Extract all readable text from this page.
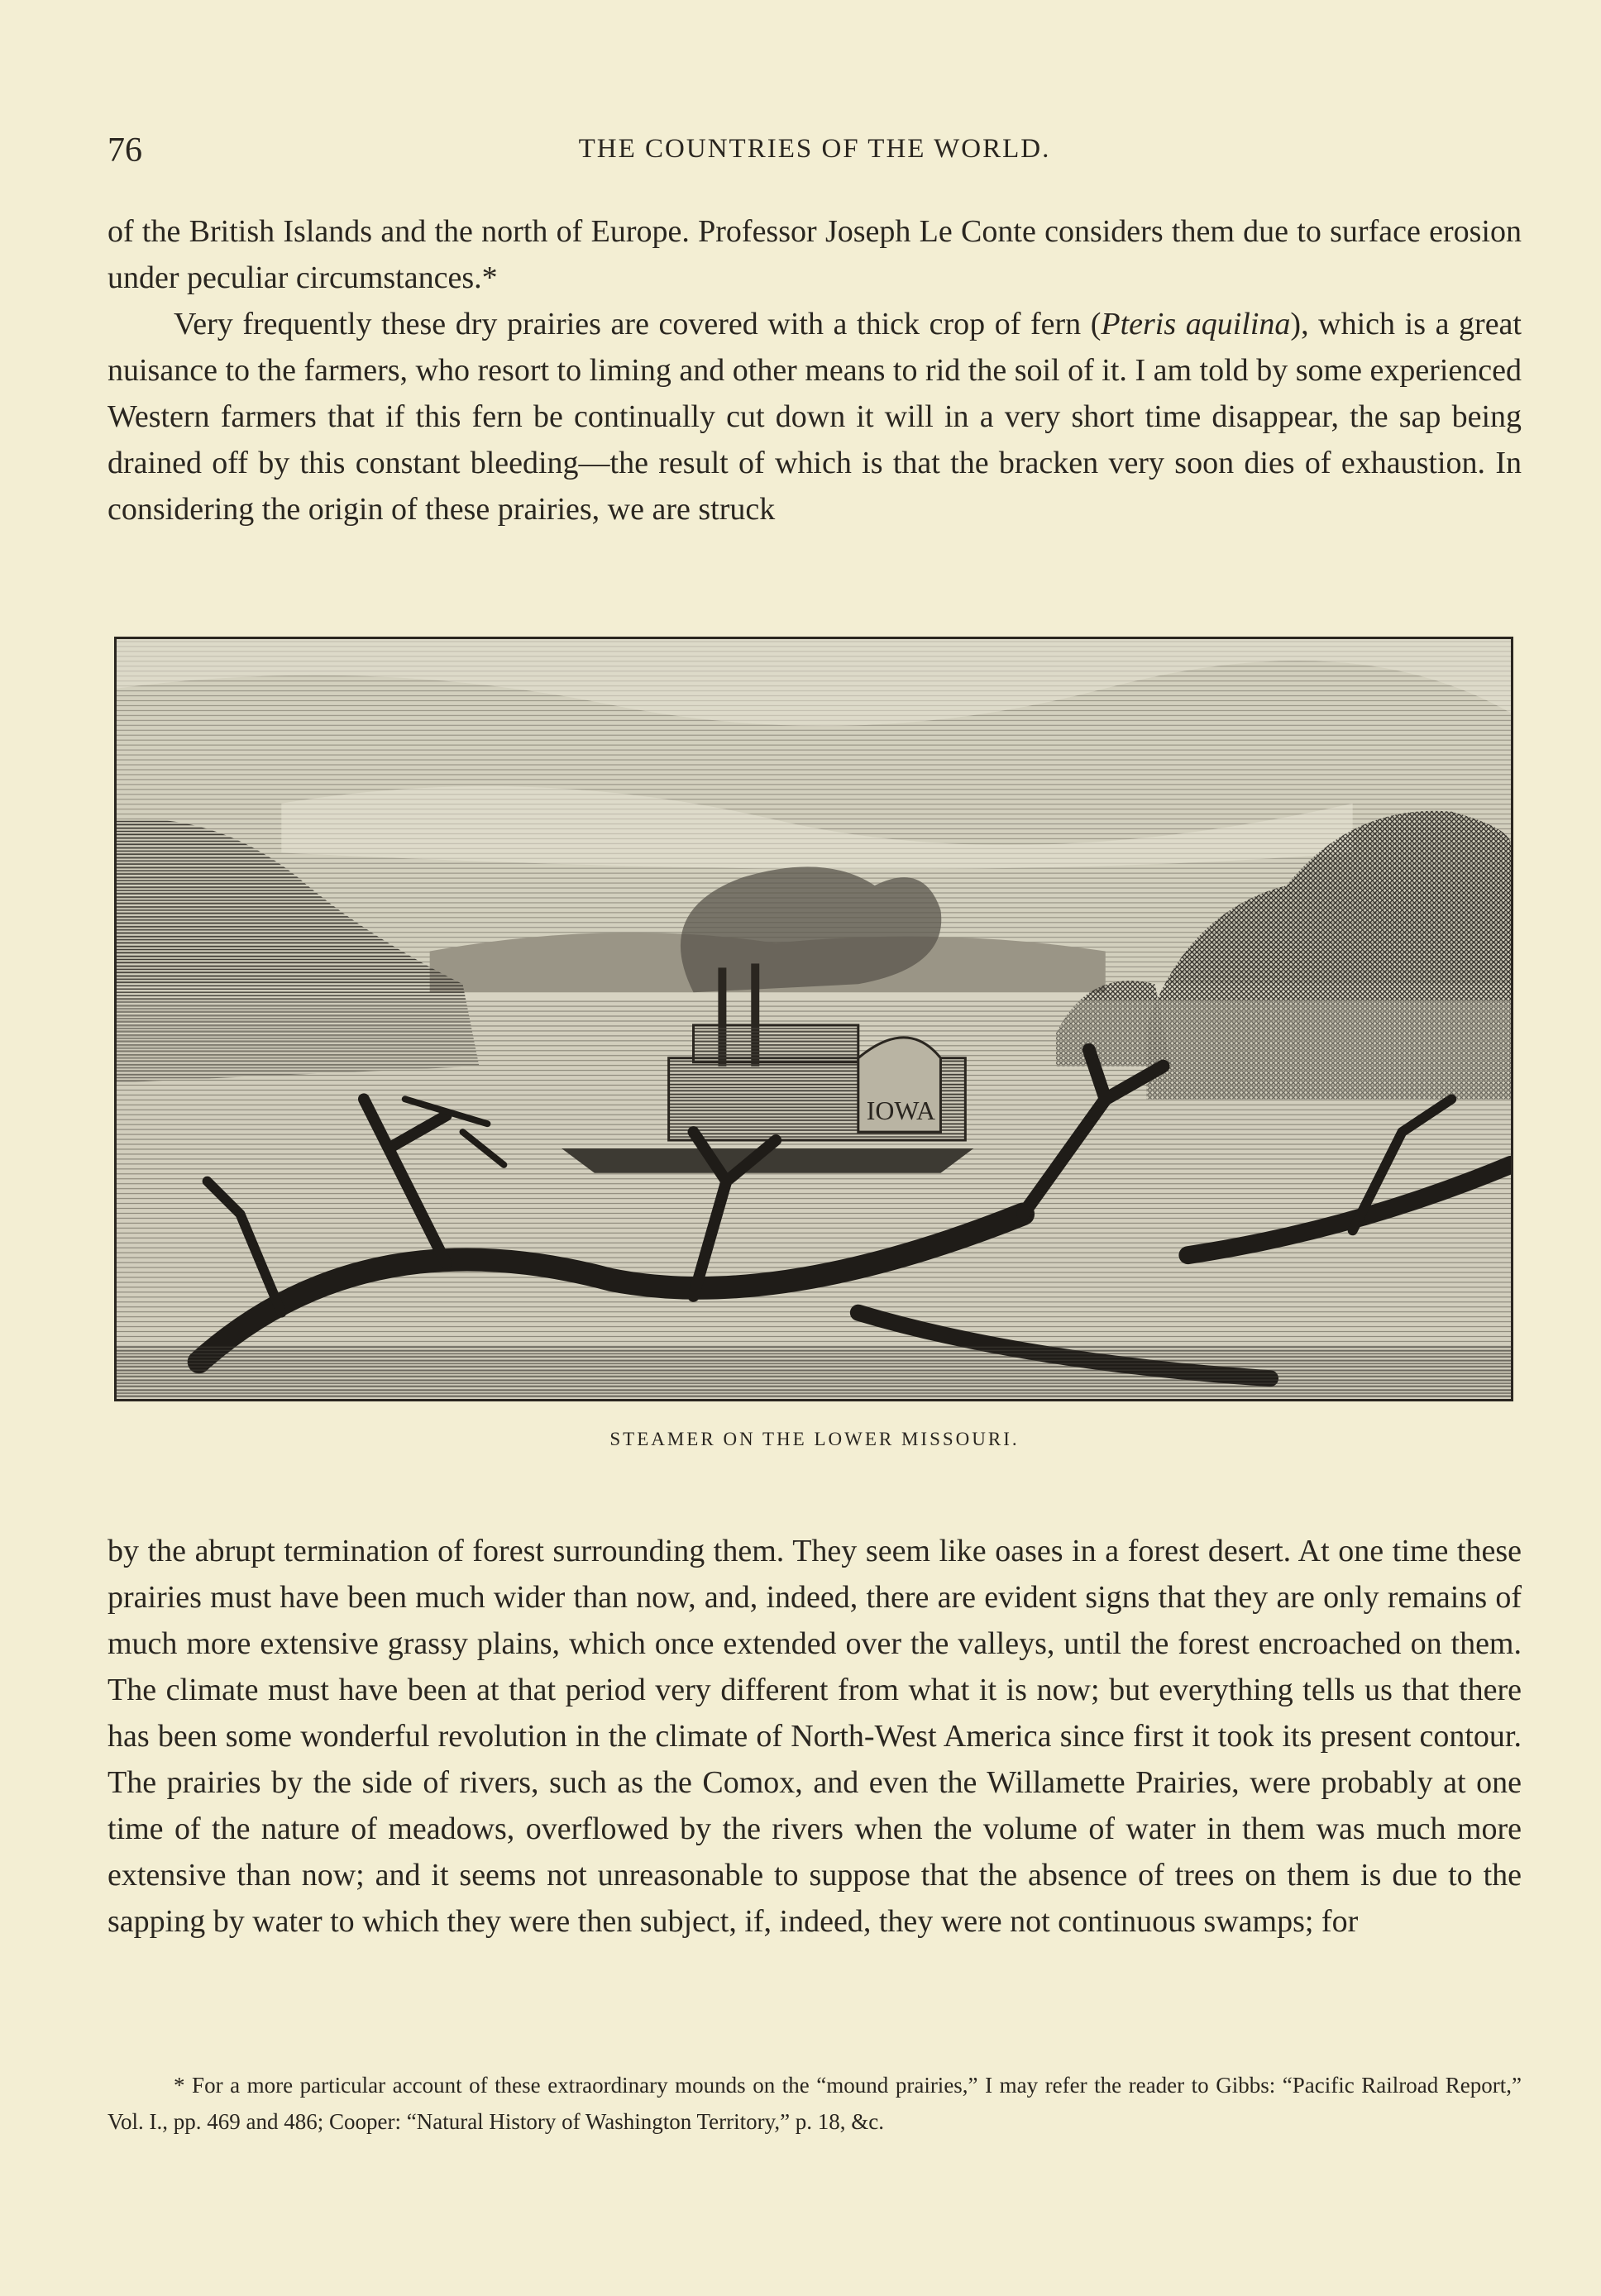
76	THE COUNTRIES OF THE WORLD.

of the British Islands and the north of Europe. Professor Joseph Le Conte considers them due to surface erosion under peculiar circumstances.*

Very frequently these dry prairies are covered with a thick crop of fern (Pteris aquilina), which is a great nuisance to the farmers, who resort to liming and other means to rid the soil of it. I am told by some experienced Western farmers that if this fern be continually cut down it will in a very short time disappear, the sap being drained off by this constant bleeding—the result of which is that the bracken very soon dies of exhaustion. In considering the origin of these prairies, we are struck

IOWA
STEAMER ON THE LOWER MISSOURI.

by the abrupt termination of forest surrounding them. They seem like oases in a forest desert. At one time these prairies must have been much wider than now, and, indeed, there are evident signs that they are only remains of much more extensive grassy plains, which once extended over the valleys, until the forest encroached on them. The climate must have been at that period very different from what it is now; but everything tells us that there has been some wonderful revolution in the climate of North-West America since first it took its present contour. The prairies by the side of rivers, such as the Comox, and even the Willamette Prairies, were probably at one time of the nature of meadows, overflowed by the rivers when the volume of water in them was much more extensive than now; and it seems not unreasonable to suppose that the absence of trees on them is due to the sapping by water to which they were then subject, if, indeed, they were not continuous swamps; for

* For a more particular account of these extraordinary mounds on the “mound prairies,” I may refer the reader to Gibbs: “Pacific Railroad Report,” Vol. I., pp. 469 and 486; Cooper: “Natural History of Washington Territory,” p. 18, &c.
